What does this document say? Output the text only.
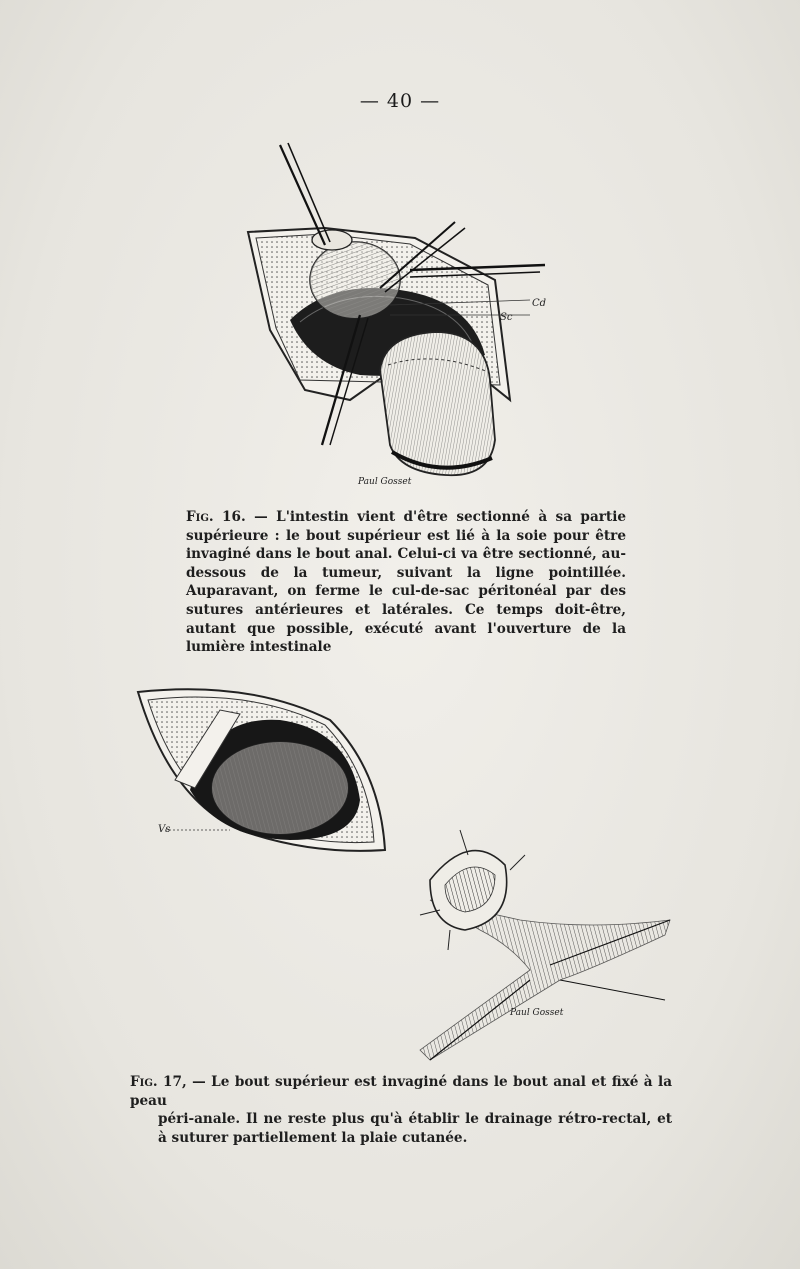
— 40 —
Cd
Sc
Paul Gosset
Fig. 16. — L'intestin vient d'être sectionné à sa partie supérieure : le bout supérieur est lié à la soie pour être invaginé dans le bout anal. Celui-ci va être sectionné, au-dessous de la tumeur, suivant la ligne pointillée. Auparavant, on ferme le cul-de-sac péritonéal par des sutures antérieures et latérales. Ce temps doit-être, autant que possible, exécuté avant l'ouverture de la lumière intestinale
Vs
Paul Gosset
Fig. 17, — Le bout supérieur est invaginé dans le bout anal et fixé à la peau
péri-anale. Il ne reste plus qu'à établir le drainage rétro-rectal, et à suturer partiellement la plaie cutanée.
